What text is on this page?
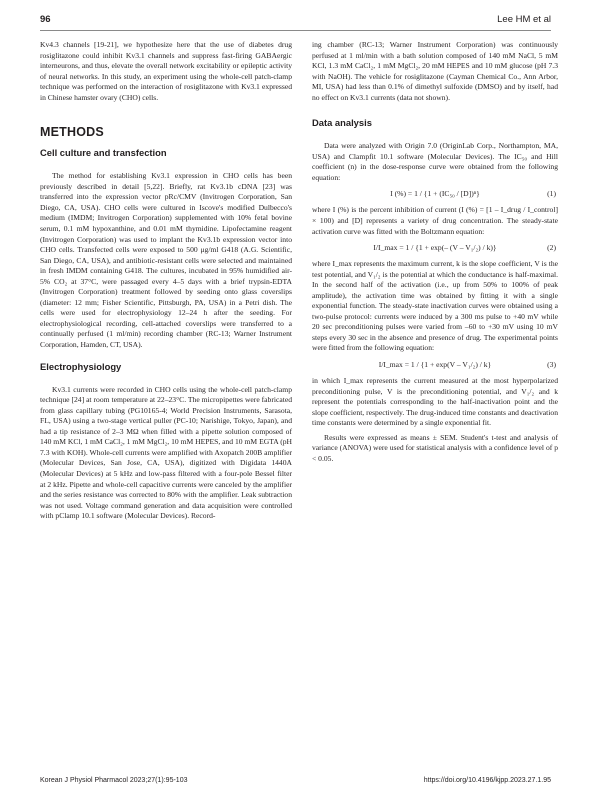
96	Lee HM et al

Kv4.3 channels [19-21], we hypothesize here that the use of diabetes drug rosiglitazone could inhibit Kv3.1 channels and suppress fast-firing GABAergic interneurons, and thus, elevate the overall network excitability or epileptic activity of neural networks. In this study, an experiment using the whole-cell patch-clamp technique was performed on the interaction of rosiglitazone with Kv3.1 expressed in Chinese hamster ovary (CHO) cells.

METHODS
Cell culture and transfection

The method for establishing Kv3.1 expression in CHO cells has been previously described in detail [5,22]. Briefly, rat Kv3.1b cDNA [23] was transferred into the expression vector pRc/CMV (Invitrogen Corporation, San Diego, CA, USA). CHO cells were cultured in Iscove's modified Dulbecco's medium (IMDM; Invitrogen Corporation) supplemented with 10% fetal bovine serum, 0.1 mM hypoxanthine, and 0.01 mM thymidine. Lipofectamine reagent (Invitrogen Corporation) was used to implant the Kv3.1b expression vector into CHO cells. Transfected cells were exposed to 500 μg/ml G418 (A.G. Scientific, San Diego, CA, USA), and antibiotic-resistant cells were selected and maintained in fresh IMDM containing G418. The cultures, incubated in 95% humidified air-5% CO₂ at 37°C, were passaged every 4–5 days with a brief trypsin-EDTA (Invitrogen Corporation) treatment followed by seeding onto glass coverslips (diameter: 12 mm; Fisher Scientific, Pittsburgh, PA, USA) in a Petri dish. The cells were used for electrophysiology 12–24 h after the seeding. For electrophysiological recording, cell-attached coverslips were transferred to a continually perfused (1 ml/min) recording chamber (RC-13; Warner Instrument Corporation, Hamden, CT, USA).

Electrophysiology

Kv3.1 currents were recorded in CHO cells using the whole-cell patch-clamp technique [24] at room temperature at 22–23°C. The micropipettes were fabricated from glass capillary tubing (PG10165-4; World Precision Instruments, Sarasota, FL, USA) using a two-stage vertical puller (PC-10; Narishige, Tokyo, Japan), and had a tip resistance of 2–3 MΩ when filled with a pipette solution composed of 140 mM KCl, 1 mM CaCl₂, 1 mM MgCl₂, 10 mM HEPES, and 10 mM EGTA (pH 7.3 with KOH). Whole-cell currents were amplified with Axopatch 200B amplifier (Molecular Devices, San Jose, CA, USA), digitized with Digidata 1440A (Molecular Devices) at 5 kHz and low-pass filtered with a four-pole Bessel filter at 2 kHz. Pipette and whole-cell capacitive currents were canceled by the amplifier and the series resistance was corrected to 80% with the amplifier. Leak subtraction was not used. Voltage command generation and data acquisition were controlled with pClamp 10.1 software (Molecular Devices). Record-

ing chamber (RC-13; Warner Instrument Corporation) was continuously perfused at 1 ml/min with a bath solution composed of 140 mM NaCl, 5 mM KCl, 1.3 mM CaCl₂, 1 mM MgCl₂, 20 mM HEPES and 10 mM glucose (pH 7.3 with NaOH). The vehicle for rosiglitazone (Cayman Chemical Co., Ann Arbor, MI, USA) had less than 0.1% of dimethyl sulfoxide (DMSO) and by itself, had no effect on Kv3.1 currents (data not shown).

Data analysis

Data were analyzed with Origin 7.0 (OriginLab Corp., Northampton, MA, USA) and Clampfit 10.1 software (Molecular Devices). The IC₅₀ and Hill coefficient (n) in the dose-response curve were obtained from the following equation:

I (%) = 1 / {1 + (IC₅₀ / [D])ⁿ}	(1)

where I (%) is the percent inhibition of current (I (%) = [1 – I_drug / I_control] × 100) and [D] represents a variety of drug concentration. The steady-state activation curve was fitted with the Boltzmann equation:

I/I_max = 1 / {1 + exp(– (V – V₁/₂) / k)}	(2)

where I_max represents the maximum current, k is the slope coefficient, V is the test potential, and V₁/₂ is the potential at which the conductance is half-maximal. In the second half of the activation (i.e., up from 50% to 100% of peak amplitude), the activation time was obtained by fitting it with a single exponential function. The steady-state inactivation curves were obtained using a two-pulse protocol: currents were induced by a 300 ms pulse to +40 mV while 20 sec preconditioning pulses were varied from –60 to +30 mV using 10 mV steps every 30 sec in the absence and presence of drug. The experimental points were fitted from the following equation:

I/I_max = 1 / {1 + exp(V – V₁/₂) / k}	(3)

in which I_max represents the current measured at the most hyperpolarized preconditioning pulse, V is the preconditioning potential, and V₁/₂ and k represent the potentials corresponding to the half-inactivation point and the slope coefficient, respectively. The drug-induced time constants and deactivation time constants were determined by a single exponential fit.

Results were expressed as means ± SEM. Student's t-test and analysis of variance (ANOVA) were used for statistical analysis with a confidence level of p < 0.05.

Korean J Physiol Pharmacol 2023;27(1):95-103	https://doi.org/10.4196/kjpp.2023.27.1.95
